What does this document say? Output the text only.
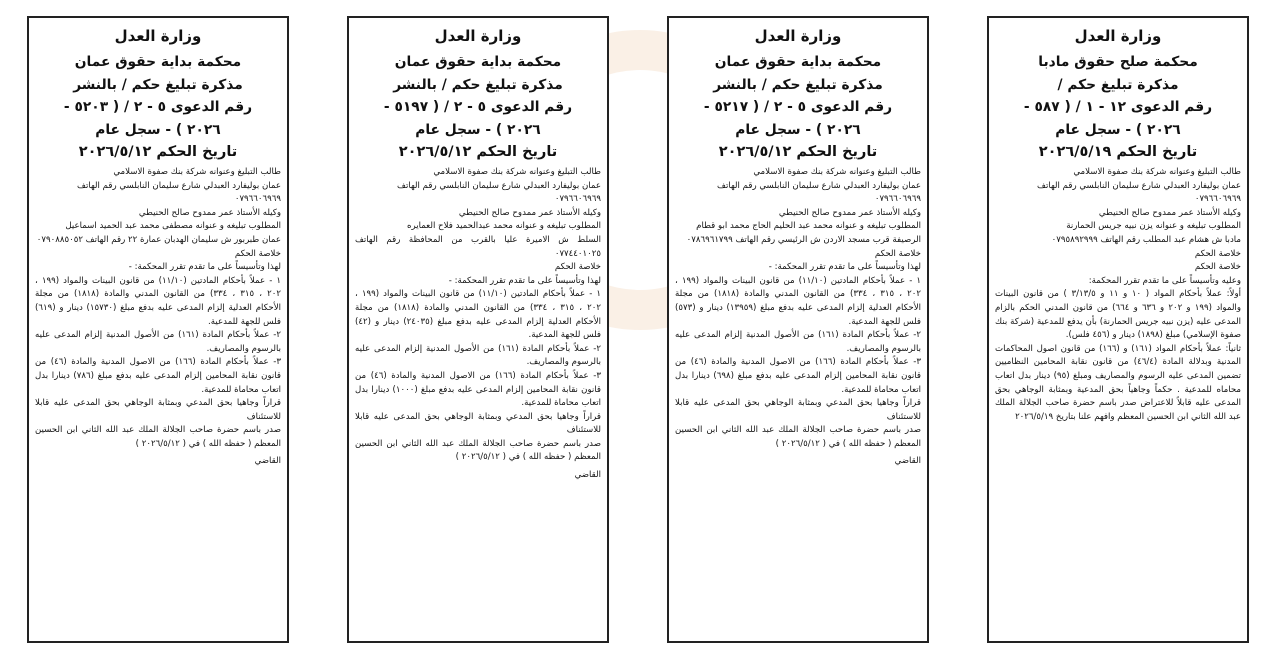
وزارة العدل
محكمة صلح حقوق مادبا
مذكرة تبليغ حكم /
رقم الدعوى ١٢ - ١ / ( ٥٨٧ -
٢٠٢٦ ) - سجل عام
تاريخ الحكم ٢٠٢٦/٥/١٩

طالب التبليغ وعنوانه شركة بنك صفوة الاسلامي

عمان بوليفارد العبدلي شارع سليمان النابلسي رقم الهاتف

٠٧٩٦٦٠٦٩٦٩

وكيله الأستاذ عمر ممدوح صالح الحنيطي

المطلوب تبليغه و عنوانه يزن نبيه جريس الحمارنة

مادبا ش هشام عبد المطلب رقم الهاتف ٠٧٩٥٨٩٢٩٩٩

خلاصة الحكم

خلاصة الحكم

وعليه وتأسيساً على ما تقدم تقرر المحكمة:

أولاً: عملاً بأحكام المواد ( ١٠ و ١١ و ٣/١٣/٥ ) من قانون البينات والمواد (١٩٩ و ٢٠٢ و ٦٣٦ و ٦٦٤) من قانون المدني الحكم بالزام المدعى عليه (يزن نبيه جريس الحمارنة) بأن يدفع للمدعية (شركة بنك صفوة الإسلامي) مبلغ (١٨٩٨) دينار و (٤٥٦ فلس).

ثانياً: عملاً بأحكام المواد (١٦١) و (١٦٦) من قانون اصول المحاكمات المدنية وبدلالة المادة (٤٦/٤) من قانون نقابة المحامين النظاميين تضمين المدعى عليه الرسوم والمصاريف ومبلغ (٩٥) دينار بدل اتعاب محاماه للمدعية . حكماً وجاهياً بحق المدعية وبمثابة الوجاهي بحق المدعى عليه قابلاً للاعتراض صدر باسم حضرة صاحب الجلالة الملك عبد الله الثاني ابن الحسين المعظم وافهم علنا بتاريخ ٢٠٢٦/٥/١٩

وزارة العدل
محكمة بداية حقوق عمان
مذكرة تبليغ حكم / بالنشر
رقم الدعوى ٥ - ٢ / ( ٥٢١٧ -
٢٠٢٦ ) - سجل عام
تاريخ الحكم ٢٠٢٦/٥/١٢

طالب التبليغ وعنوانه شركة بنك صفوة الاسلامي

عمان بوليفارد العبدلي شارع سليمان النابلسي رقم الهاتف

٠٧٩٦٦٠٦٩٦٩

وكيله الأستاذ عمر ممدوح صالح الحنيطي

المطلوب تبليغه و عنوانه محمد عبد الحليم الحاج محمد ابو قطام

الرصيفة قرب مسجد الاردن ش الرئيسي رقم الهاتف ٠٧٨٦٩٦١٧٩٩

خلاصة الحكم

لهذا وتأسيساً على ما تقدم تقرر المحكمة: -

١ - عملاً بأحكام المادتين (١١/١٠) من قانون البينات والمواد (١٩٩ ، ٢٠٢ ، ٣١٥ ، ٣٣٤) من القانون المدني والمادة (١٨١٨) من مجلة الأحكام العدلية إلزام المدعى عليه بدفع مبلغ (١٣٩٥٩) دينار و (٥٧٣) فلس للجهة المدعية.

٢- عملاً بأحكام المادة (١٦١) من الأصول المدنية إلزام المدعى عليه بالرسوم والمصاريف.

٣- عملاً بأحكام المادة (١٦٦) من الاصول المدنية والمادة (٤٦) من قانون نقابة المحامين إلزام المدعى عليه بدفع مبلغ (٦٩٨) دينارا بدل اتعاب محاماة للمدعية.

قراراً وجاهيا بحق المدعي وبمثابة الوجاهي بحق المدعى عليه قابلا للاستئناف

صدر باسم حضرة صاحب الجلالة الملك عبد الله الثاني ابن الحسين المعظم ( حفظه الله ) في ( ٢٠٢٦/٥/١٢ )

القاضي
وزارة العدل
محكمة بداية حقوق عمان
مذكرة تبليغ حكم / بالنشر
رقم الدعوى ٥ - ٢ / ( ٥١٩٧ -
٢٠٢٦ ) - سجل عام
تاريخ الحكم ٢٠٢٦/٥/١٢

طالب التبليغ وعنوانه شركة بنك صفوة الاسلامي

عمان بوليفارد العبدلي شارع سليمان النابلسي رقم الهاتف

٠٧٩٦٦٠٦٩٦٩

وكيله الأستاذ عمر ممدوح صالح الحنيطي

المطلوب تبليغه و عنوانه محمد عبدالحميد فلاح العمايره

السلط ش الاميرة عليا بالقرب من المحافظة رقم الهاتف ٠٧٧٤٤٠١٠٢٥

خلاصة الحكم

لهذا وتأسيساً على ما تقدم تقرر المحكمة: -

١ - عملاً بأحكام المادتين (١١/١٠) من قانون البينات والمواد (١٩٩ ، ٢٠٢ ، ٣١٥ ، ٣٣٤) من القانون المدني والمادة (١٨١٨) من مجلة الأحكام العدلية إلزام المدعى عليه بدفع مبلغ (٢٤٠٣٥) دينار و (٤٢) فلس للجهة المدعية.

٢- عملاً بأحكام المادة (١٦١) من الأصول المدنية إلزام المدعى عليه بالرسوم والمصاريف.

٣- عملاً بأحكام المادة (١٦٦) من الاصول المدنية والمادة (٤٦) من قانون نقابة المحامين إلزام المدعى عليه بدفع مبلغ (١٠٠٠) دينارا بدل اتعاب محاماة للمدعية.

قراراً وجاهيا بحق المدعي وبمثابة الوجاهي بحق المدعى عليه قابلا للاستئناف

صدر باسم حضرة صاحب الجلالة الملك عبد الله الثاني ابن الحسين المعظم ( حفظه الله ) في ( ٢٠٢٦/٥/١٢ )

القاضي
وزارة العدل
محكمة بداية حقوق عمان
مذكرة تبليغ حكم / بالنشر
رقم الدعوى ٥ - ٢ / ( ٥٢٠٣ -
٢٠٢٦ ) - سجل عام
تاريخ الحكم ٢٠٢٦/٥/١٢

طالب التبليغ وعنوانه شركة بنك صفوة الاسلامي

عمان بوليفارد العبدلي شارع سليمان النابلسي رقم الهاتف

٠٧٩٦٦٠٦٩٦٩

وكيله الأستاذ عمر ممدوح صالح الحنيطي

المطلوب تبليغه و عنوانه مصطفى محمد عبد الحميد اسماعيل

عمان طبربور ش سليمان الهدبان عمارة ٢٢ رقم الهاتف ٠٧٩٠٨٨٥٠٥٢

خلاصة الحكم

لهذا وتأسيساً على ما تقدم تقرر المحكمة: -

١ - عملاً بأحكام المادتين (١١/١٠) من قانون البينات والمواد (١٩٩ ، ٢٠٢ ، ٣١٥ ، ٣٣٤) من القانون المدني والمادة (١٨١٨) من مجلة الأحكام العدلية إلزام المدعى عليه بدفع مبلغ (١٥٧٣٠) دينار و (٦١٩) فلس للجهة للمدعية.

٢- عملاً بأحكام المادة (١٦١) من الأصول المدنية إلزام المدعى عليه بالرسوم والمصاريف.

٣- عملاً بأحكام المادة (١٦٦) من الاصول المدنية والمادة (٤٦) من قانون نقابة المحامين إلزام المدعى عليه بدفع مبلغ (٧٨٦) دينارا بدل اتعاب محاماة للمدعية.

قراراً وجاهيا بحق المدعي وبمثابة الوجاهي بحق المدعى عليه قابلا للاستئناف

صدر باسم حضرة صاحب الجلالة الملك عبد الله الثاني ابن الحسين المعظم ( حفظه الله ) في ( ٢٠٢٦/٥/١٢ )

القاضي
